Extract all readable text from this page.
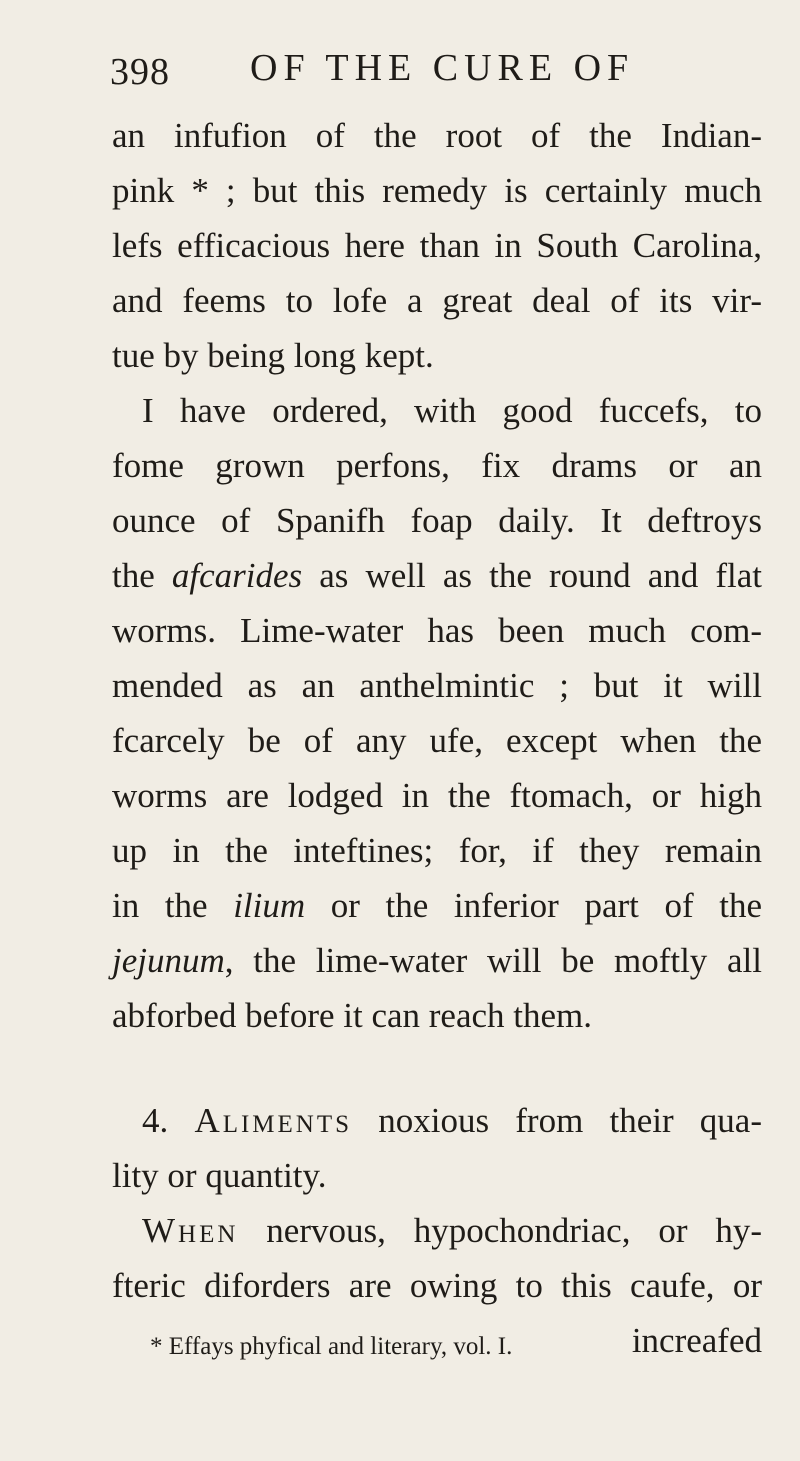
398 OF THE CURE OF
an infufion of the root of the Indian-
pink * ; but this remedy is certainly much
lefs efficacious here than in South Carolina,
and feems to lofe a great deal of its vir-
tue by being long kept.
I have ordered, with good fuccefs, to
fome grown perfons, fix drams or an
ounce of Spanifh foap daily. It deftroys
the afcarides as well as the round and flat
worms. Lime-water has been much com-
mended as an anthelmintic ; but it will
fcarcely be of any ufe, except when the
worms are lodged in the ftomach, or high
up in the inteftines; for, if they remain
in the ilium or the inferior part of the
jejunum, the lime-water will be moftly all
abforbed before it can reach them.
4. Aliments noxious from their qua-
lity or quantity.
When nervous, hypochondriac, or hy-
fteric diforders are owing to this caufe, or
increafed
* Effays phyfical and literary, vol. I.
